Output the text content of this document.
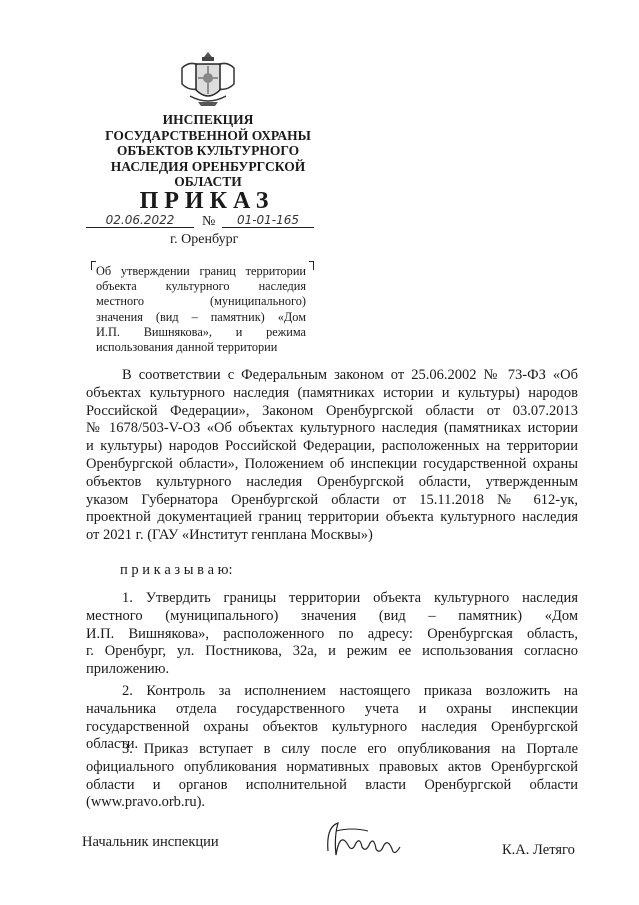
ИНСПЕКЦИЯ
ГОСУДАРСТВЕННОЙ ОХРАНЫ
ОБЪЕКТОВ КУЛЬТУРНОГО
НАСЛЕДИЯ ОРЕНБУРГСКОЙ
ОБЛАСТИ
ПРИКАЗ
02.06.2022	№	01-01-165
г. Оренбург
Об утверждении границ территории
объекта культурного наследия
местного (муниципального)
значения (вид – памятник) «Дом
И.П. Вишнякова», и режима
использования данной территории
В соответствии с Федеральным законом от 25.06.2002 № 73-ФЗ «Об
объектах культурного наследия (памятниках истории и культуры) народов
Российской Федерации», Законом Оренбургской области от 03.07.2013
№ 1678/503-V-ОЗ «Об объектах культурного наследия (памятниках истории
и культуры) народов Российской Федерации, расположенных на территории
Оренбургской области», Положением об инспекции государственной охраны
объектов культурного наследия Оренбургской области, утвержденным
указом Губернатора Оренбургской области от 15.11.2018 № 612-ук,
проектной документацией границ территории объекта культурного наследия
от 2021 г. (ГАУ «Институт генплана Москвы»)
п р и к а з ы в а ю:
1. Утвердить границы территории объекта культурного наследия
местного (муниципального) значения (вид – памятник) «Дом
И.П. Вишнякова», расположенного по адресу: Оренбургская область,
г. Оренбург, ул. Постникова, 32а, и режим ее использования согласно
приложению.
2. Контроль за исполнением настоящего приказа возложить на
начальника отдела государственного учета и охраны инспекции
государственной охраны объектов культурного наследия Оренбургской
области.
3. Приказ вступает в силу после его опубликования на Портале
официального опубликования нормативных правовых актов Оренбургской
области и органов исполнительной власти Оренбургской области
(www.pravo.orb.ru).
Начальник инспекции	К.А. Летяго
